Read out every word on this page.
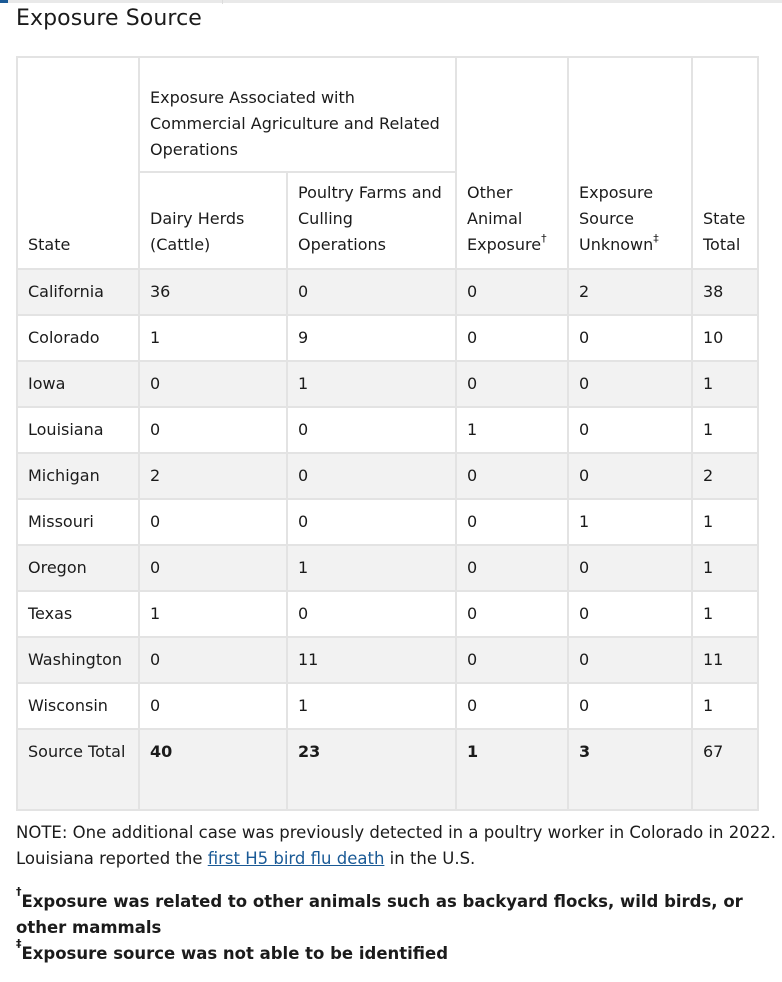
Exposure Source
State	Exposure Associated with Commercial Agriculture and Related Operations		Other Animal Exposure†	Exposure Source Unknown‡	State Total
	Dairy Herds (Cattle)	Poultry Farms and Culling Operations			
California	36	0	0	2	38
Colorado	1	9	0	0	10
Iowa	0	1	0	0	1
Louisiana	0	0	1	0	1
Michigan	2	0	0	0	2
Missouri	0	0	0	1	1
Oregon	0	1	0	0	1
Texas	1	0	0	0	1
Washington	0	11	0	0	11
Wisconsin	0	1	0	0	1
Source Total	40	23	1	3	67

NOTE: One additional case was previously detected in a poultry worker in Colorado in 2022.
Louisiana reported the first H5 bird flu death in the U.S.

†Exposure was related to other animals such as backyard flocks, wild birds, or other mammals

‡Exposure source was not able to be identified
